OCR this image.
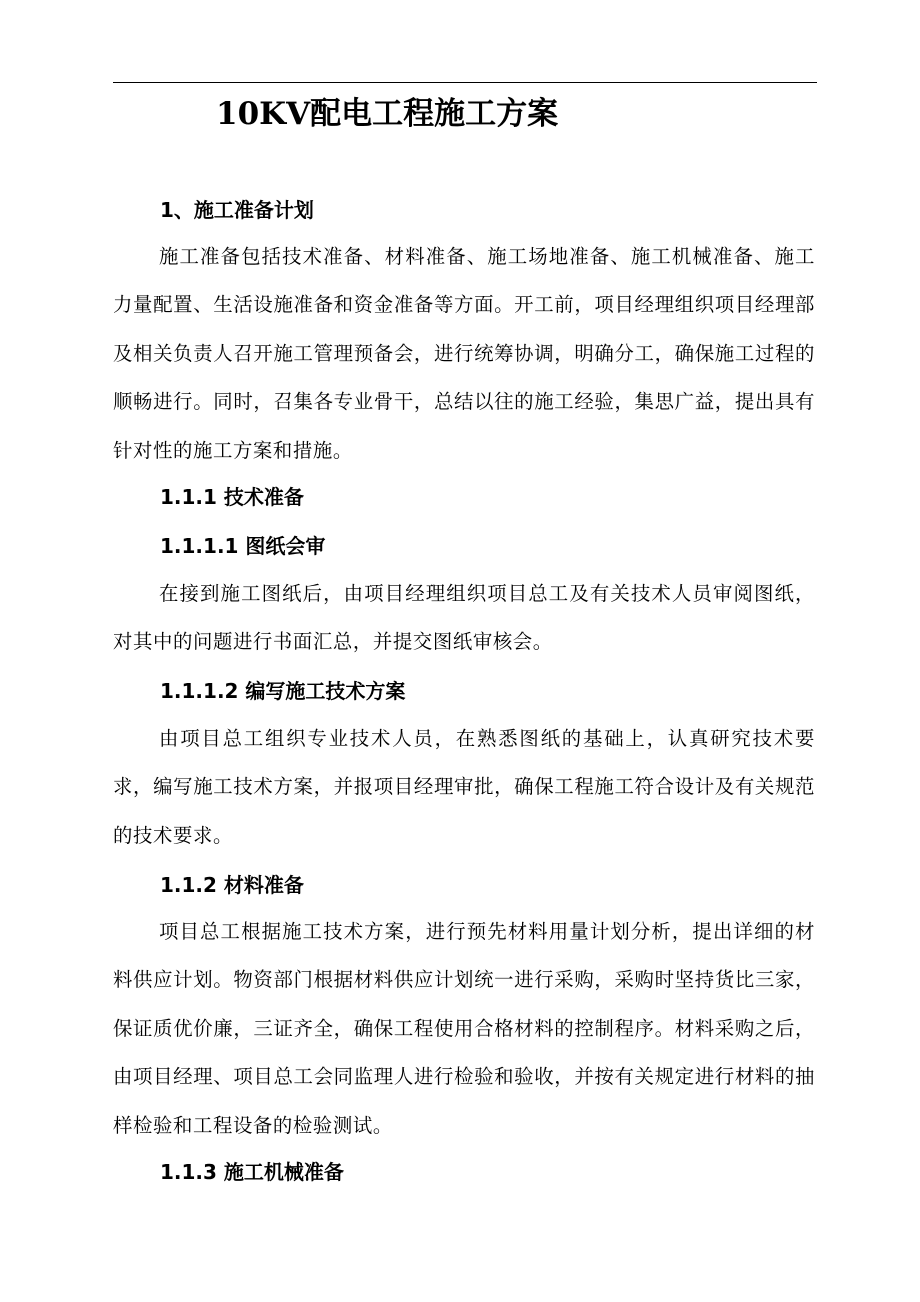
10KV配电工程施工方案
1、施工准备计划

施工准备包括技术准备、材料准备、施工场地准备、施工机械准备、施工力量配置、生活设施准备和资金准备等方面。开工前，项目经理组织项目经理部及相关负责人召开施工管理预备会，进行统筹协调，明确分工，确保施工过程的顺畅进行。同时，召集各专业骨干，总结以往的施工经验，集思广益，提出具有针对性的施工方案和措施。

1.1.1 技术准备
1.1.1.1 图纸会审

在接到施工图纸后，由项目经理组织项目总工及有关技术人员审阅图纸，对其中的问题进行书面汇总，并提交图纸审核会。

1.1.1.2 编写施工技术方案

由项目总工组织专业技术人员，在熟悉图纸的基础上，认真研究技术要求，编写施工技术方案，并报项目经理审批，确保工程施工符合设计及有关规范的技术要求。

1.1.2 材料准备

项目总工根据施工技术方案，进行预先材料用量计划分析，提出详细的材料供应计划。物资部门根据材料供应计划统一进行采购，采购时坚持货比三家，保证质优价廉，三证齐全，确保工程使用合格材料的控制程序。材料采购之后，由项目经理、项目总工会同监理人进行检验和验收，并按有关规定进行材料的抽样检验和工程设备的检验测试。

1.1.3 施工机械准备
